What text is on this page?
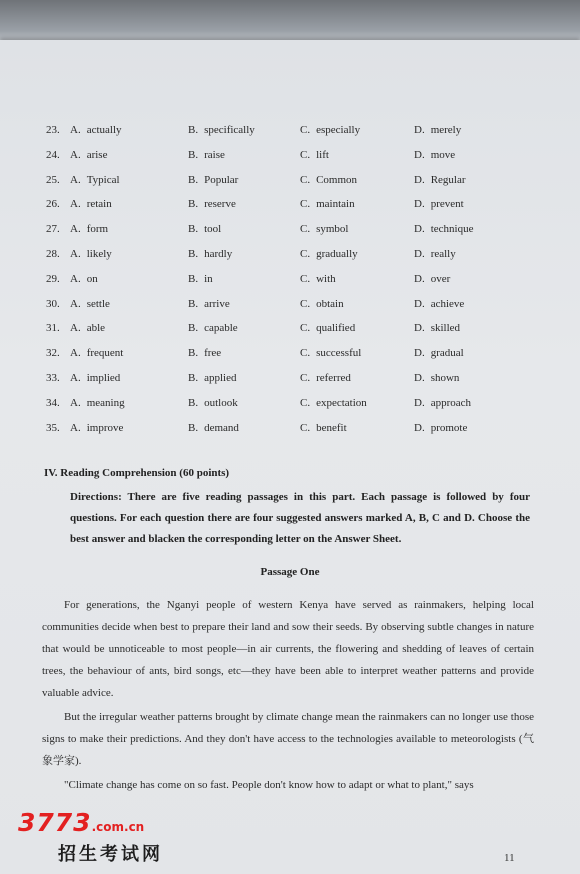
23. A. actually	B. specifically	C. especially	D. merely
24. A. arise	B. raise	C. lift	D. move
25. A. Typical	B. Popular	C. Common	D. Regular
26. A. retain	B. reserve	C. maintain	D. prevent
27. A. form	B. tool	C. symbol	D. technique
28. A. likely	B. hardly	C. gradually	D. really
29. A. on	B. in	C. with	D. over
30. A. settle	B. arrive	C. obtain	D. achieve
31. A. able	B. capable	C. qualified	D. skilled
32. A. frequent	B. free	C. successful	D. gradual
33. A. implied	B. applied	C. referred	D. shown
34. A. meaning	B. outlook	C. expectation	D. approach
35. A. improve	B. demand	C. benefit	D. promote
IV. Reading Comprehension (60 points)
Directions: There are five reading passages in this part. Each passage is followed by four questions. For each question there are four suggested answers marked A, B, C and D. Choose the best answer and blacken the corresponding letter on the Answer Sheet.
Passage One
For generations, the Nganyi people of western Kenya have served as rainmakers, helping local communities decide when best to prepare their land and sow their seeds. By observing subtle changes in nature that would be unnoticeable to most people—in air currents, the flowering and shedding of leaves of certain trees, the behaviour of ants, bird songs, etc—they have been able to interpret weather patterns and provide valuable advice.
But the irregular weather patterns brought by climate change mean the rainmakers can no longer use those signs to make their predictions. And they don't have access to the technologies available to meteorologists (气象学家).
"Climate change has come on so fast. People don't know how to adapt or what to plant," says
3773.com.cn
招生考试网	11
